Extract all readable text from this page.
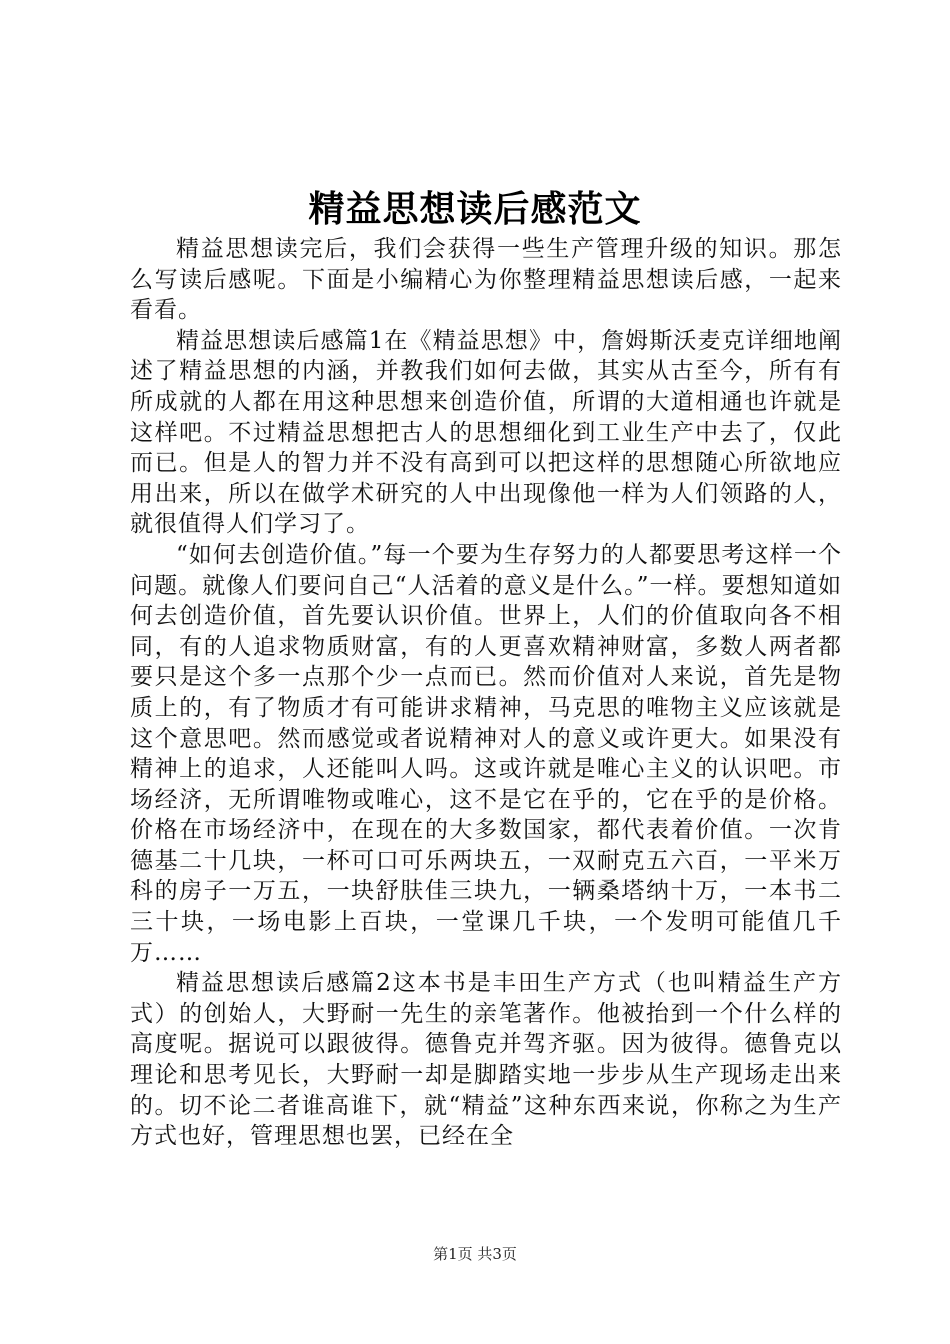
精益思想读后感范文

精益思想读完后，我们会获得一些生产管理升级的知识。那怎么写读后感呢。下面是小编精心为你整理精益思想读后感，一起来看看。

精益思想读后感篇1在《精益思想》中，詹姆斯沃麦克详细地阐述了精益思想的内涵，并教我们如何去做，其实从古至今，所有有所成就的人都在用这种思想来创造价值，所谓的大道相通也许就是这样吧。不过精益思想把古人的思想细化到工业生产中去了，仅此而已。但是人的智力并不没有高到可以把这样的思想随心所欲地应用出来，所以在做学术研究的人中出现像他一样为人们领路的人，就很值得人们学习了。

“如何去创造价值。”每一个要为生存努力的人都要思考这样一个问题。就像人们要问自己“人活着的意义是什么。”一样。要想知道如何去创造价值，首先要认识价值。世界上，人们的价值取向各不相同，有的人追求物质财富，有的人更喜欢精神财富，多数人两者都要只是这个多一点那个少一点而已。然而价值对人来说，首先是物质上的，有了物质才有可能讲求精神，马克思的唯物主义应该就是这个意思吧。然而感觉或者说精神对人的意义或许更大。如果没有精神上的追求，人还能叫人吗。这或许就是唯心主义的认识吧。市场经济，无所谓唯物或唯心，这不是它在乎的，它在乎的是价格。价格在市场经济中，在现在的大多数国家，都代表着价值。一次肯德基二十几块，一杯可口可乐两块五，一双耐克五六百，一平米万科的房子一万五，一块舒肤佳三块九，一辆桑塔纳十万，一本书二三十块，一场电影上百块，一堂课几千块，一个发明可能值几千万……

精益思想读后感篇2这本书是丰田生产方式（也叫精益生产方式）的创始人，大野耐一先生的亲笔著作。他被抬到一个什么样的高度呢。据说可以跟彼得。德鲁克并驾齐驱。因为彼得。德鲁克以理论和思考见长，大野耐一却是脚踏实地一步步从生产现场走出来的。切不论二者谁高谁下，就“精益”这种东西来说，你称之为生产方式也好，管理思想也罢，已经在全

第1页 共3页
